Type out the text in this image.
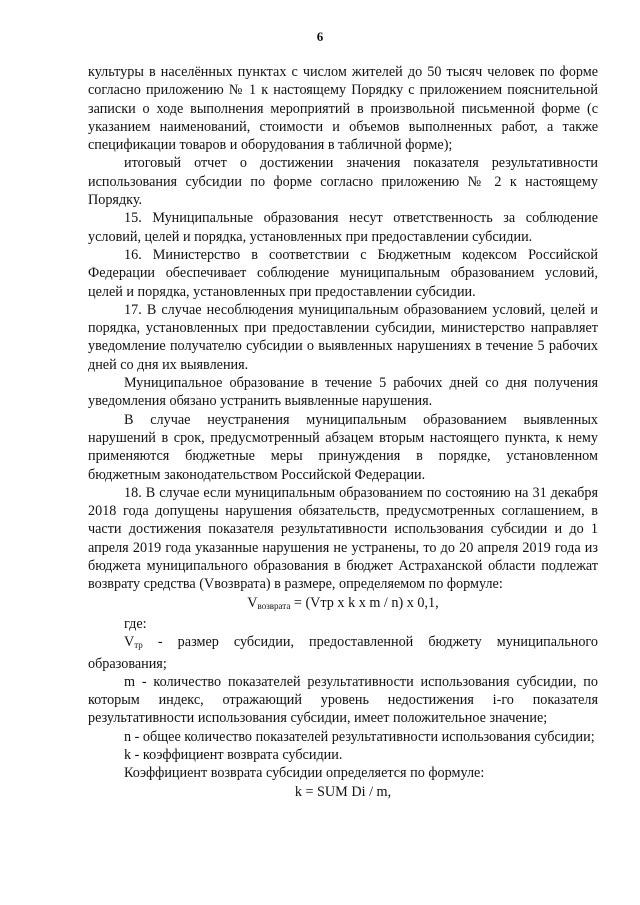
6

культуры в населённых пунктах с числом жителей до 50 тысяч человек по форме согласно приложению № 1 к настоящему Порядку с приложением пояснительной записки о ходе выполнения мероприятий в произвольной письменной форме (с указанием наименований, стоимости и объемов выполненных работ, а также спецификации товаров и оборудования в табличной форме);

итоговый отчет о достижении значения показателя результативности использования субсидии по форме согласно приложению № 2 к настоящему Порядку.

15. Муниципальные образования несут ответственность за соблюдение условий, целей и порядка, установленных при предоставлении субсидии.

16. Министерство в соответствии с Бюджетным кодексом Российской Федерации обеспечивает соблюдение муниципальным образованием условий, целей и порядка, установленных при предоставлении субсидии.

17. В случае несоблюдения муниципальным образованием условий, целей и порядка, установленных при предоставлении субсидии, министерство направляет уведомление получателю субсидии о выявленных нарушениях в течение 5 рабочих дней со дня их выявления.

Муниципальное образование в течение 5 рабочих дней со дня получения уведомления обязано устранить выявленные нарушения.

В случае неустранения муниципальным образованием выявленных нарушений в срок, предусмотренный абзацем вторым настоящего пункта, к нему применяются бюджетные меры принуждения в порядке, установленном бюджетным законодательством Российской Федерации.

18. В случае если муниципальным образованием по состоянию на 31 декабря 2018 года допущены нарушения обязательств, предусмотренных соглашением, в части достижения показателя результативности использования субсидии и до 1 апреля 2019 года указанные нарушения не устранены, то до 20 апреля 2019 года из бюджета муниципального образования в бюджет Астраханской области подлежат возврату средства (Vвозврата) в размере, определяемом по формуле:

$V_{возврата} = (Vтр$ x k x m / n) x 0,1,

где:

$V_{тр}$ - размер субсидии, предоставленной бюджету муниципального образования;

m - количество показателей результативности использования субсидии, по которым индекс, отражающий уровень недостижения i-го показателя результативности использования субсидии, имеет положительное значение;

n - общее количество показателей результативности использования субсидии;

k - коэффициент возврата субсидии.

Коэффициент возврата субсидии определяется по формуле:

k = SUM Di / m,
